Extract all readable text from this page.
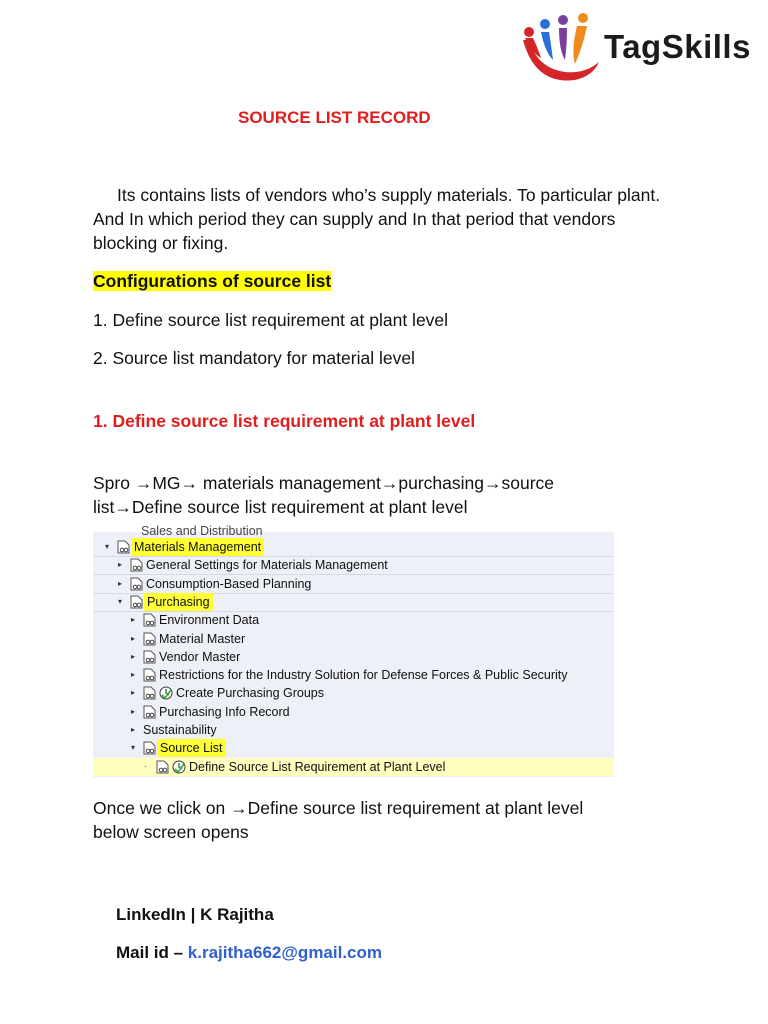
TagSkills
SOURCE LIST RECORD
Its contains lists of vendors who’s supply materials. To particular plant. And In which period they can supply and In that period that vendors blocking or fixing.
Configurations of source list
1. Define source list requirement at plant level
2. Source list mandatory for material level
1. Define source list requirement at plant level
Spro →MG→ materials management→purchasing→source
list→Define source list requirement at plant level
Sales and Distribution
▾	Materials Management
▸	General Settings for Materials Management
▸	Consumption-Based Planning
▾	Purchasing
▸	Environment Data
▸	Material Master
▸	Vendor Master
▸	Restrictions for the Industry Solution for Defense Forces & Public Security
▸	Create Purchasing Groups
▸	Purchasing Info Record
▸ Sustainability
▾	Source List
·	Define Source List Requirement at Plant Level
Once we click on →Define source list requirement at plant level
below screen opens
LinkedIn | K Rajitha
Mail id – k.rajitha662@gmail.com
